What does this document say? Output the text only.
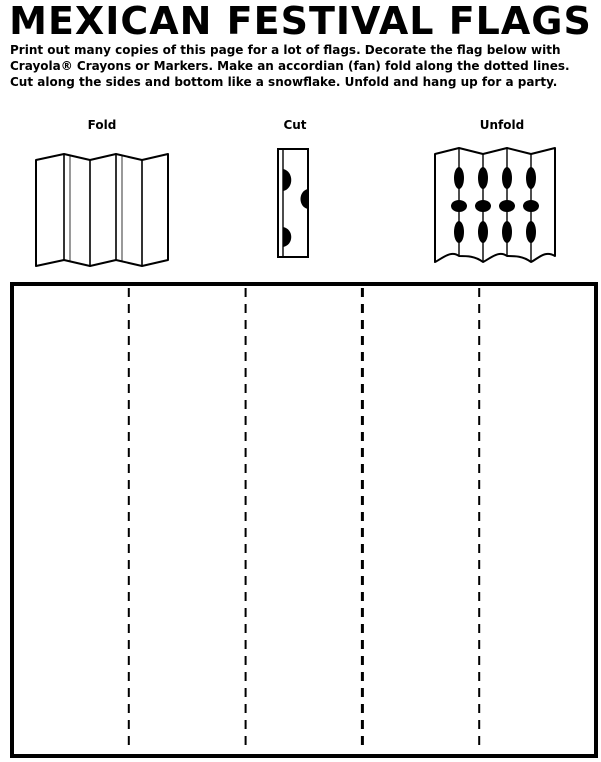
MEXICAN FESTIVAL FLAGS
Print out many copies of this page for a lot of flags. Decorate the flag below with Crayola® Crayons or Markers. Make an accordian (fan) fold along the dotted lines. Cut along the sides and bottom like a snowflake. Unfold and hang up for a party.
Fold	Cut	Unfold
